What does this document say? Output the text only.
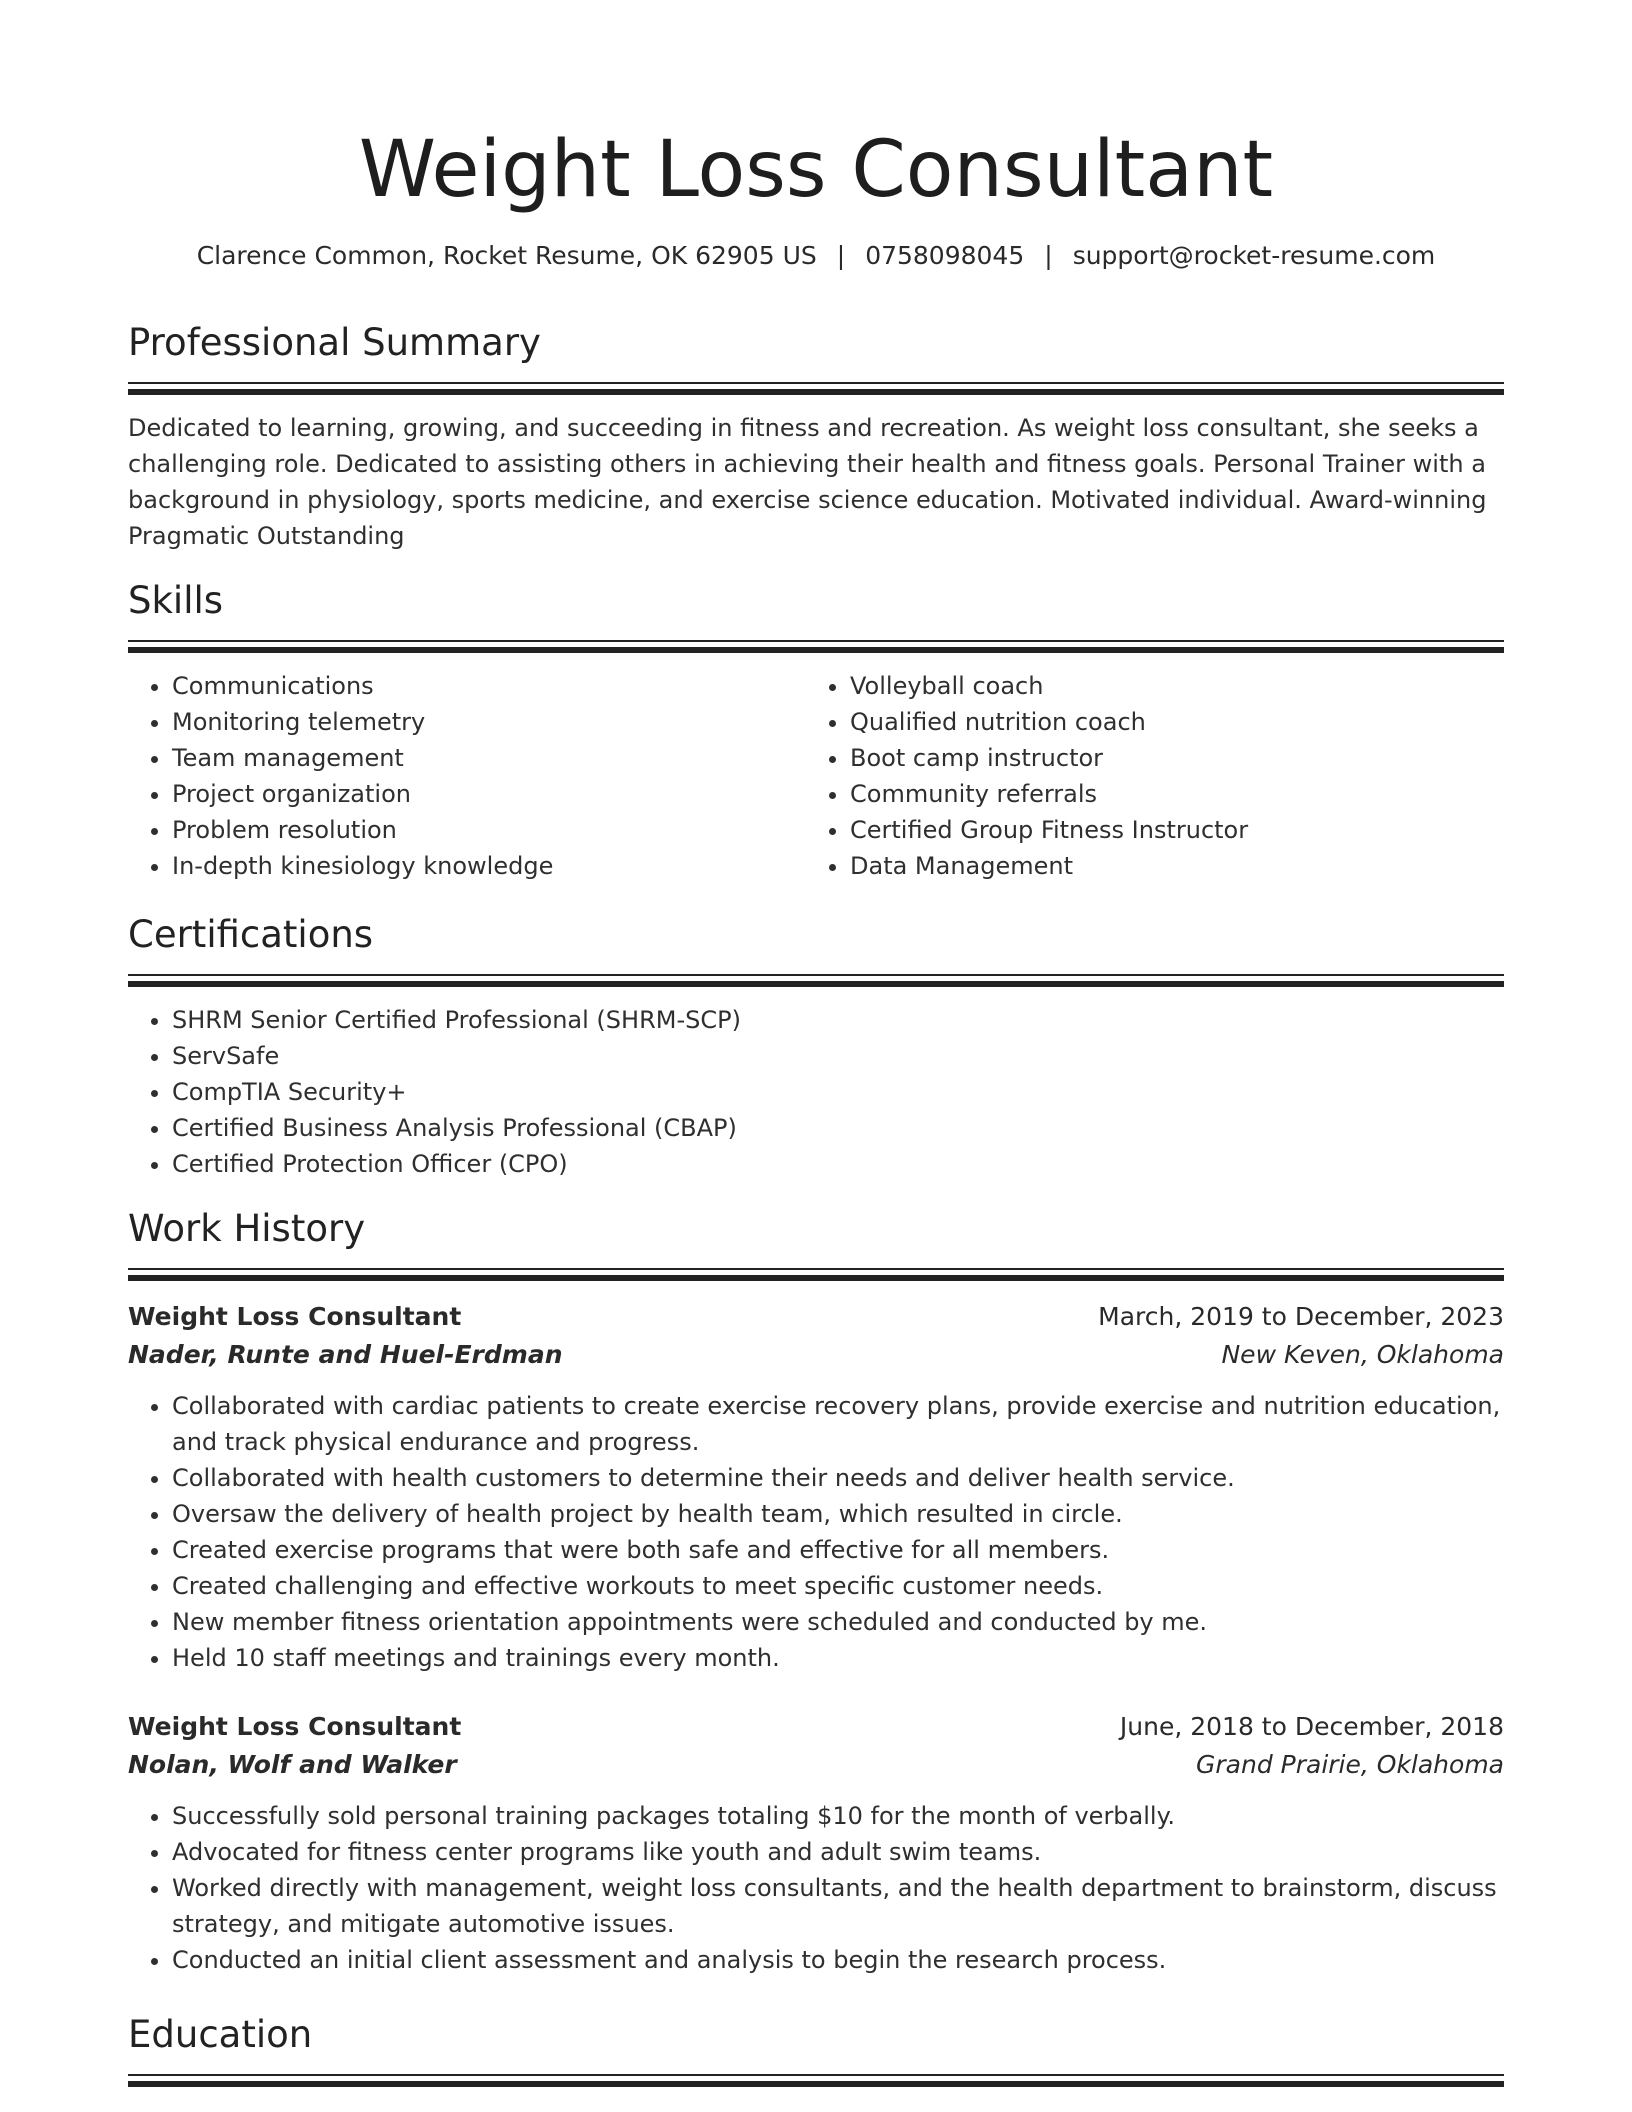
Weight Loss Consultant
Clarence Common, Rocket Resume, OK 62905 US | 0758098045 | support@rocket-resume.com
Professional Summary
Dedicated to learning, growing, and succeeding in fitness and recreation. As weight loss consultant, she seeks a challenging role. Dedicated to assisting others in achieving their health and fitness goals. Personal Trainer with a background in physiology, sports medicine, and exercise science education. Motivated individual. Award-winning Pragmatic Outstanding
Skills
• Communications
• Monitoring telemetry
• Team management
• Project organization
• Problem resolution
• In-depth kinesiology knowledge
• Volleyball coach
• Qualified nutrition coach
• Boot camp instructor
• Community referrals
• Certified Group Fitness Instructor
• Data Management
Certifications
• SHRM Senior Certified Professional (SHRM-SCP)
• ServSafe
• CompTIA Security+
• Certified Business Analysis Professional (CBAP)
• Certified Protection Officer (CPO)
Work History
Weight Loss Consultant	March, 2019 to December, 2023
Nader, Runte and Huel-Erdman	New Keven, Oklahoma
• Collaborated with cardiac patients to create exercise recovery plans, provide exercise and nutrition education, and track physical endurance and progress.
• Collaborated with health customers to determine their needs and deliver health service.
• Oversaw the delivery of health project by health team, which resulted in circle.
• Created exercise programs that were both safe and effective for all members.
• Created challenging and effective workouts to meet specific customer needs.
• New member fitness orientation appointments were scheduled and conducted by me.
• Held 10 staff meetings and trainings every month.
Weight Loss Consultant	June, 2018 to December, 2018
Nolan, Wolf and Walker	Grand Prairie, Oklahoma
• Successfully sold personal training packages totaling $10 for the month of verbally.
• Advocated for fitness center programs like youth and adult swim teams.
• Worked directly with management, weight loss consultants, and the health department to brainstorm, discuss strategy, and mitigate automotive issues.
• Conducted an initial client assessment and analysis to begin the research process.
Education
